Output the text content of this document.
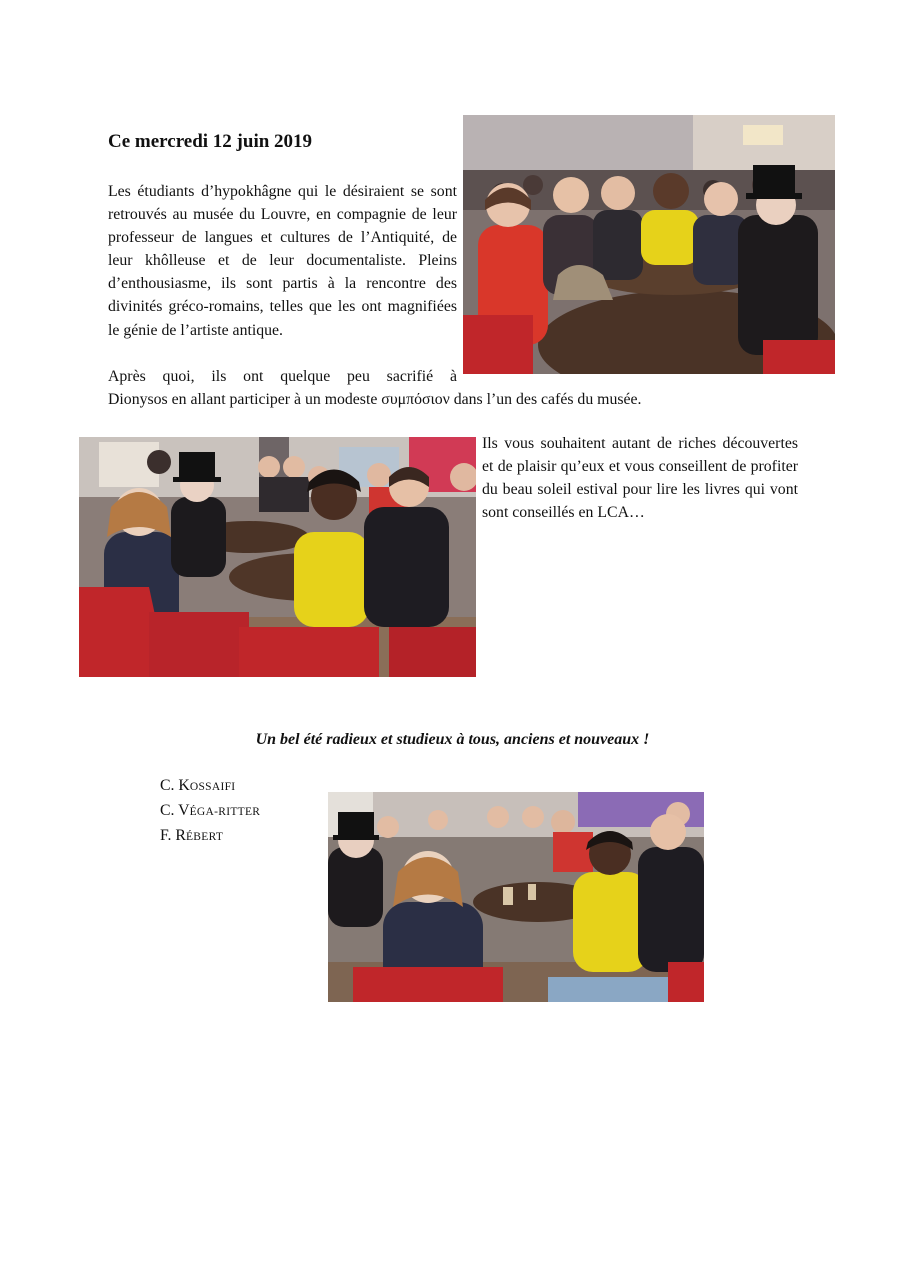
Ce mercredi 12 juin 2019

Les étudiants d’hypokhâgne qui le désiraient se sont retrouvés au musée du Louvre, en compagnie de leur professeur de langues et cultures de l’Antiquité, de leur khôlleuse et de leur documentaliste. Pleins d’enthousiasme, ils sont partis à la rencontre des divinités gréco-romains, telles que les ont magnifiées le génie de l’artiste antique.

Après quoi, ils ont quelque peu sacrifié à

Dionysos en allant participer à un modeste συμπόσιον dans l’un des cafés du musée.

Ils vous souhaitent autant de riches découvertes et de plaisir qu’eux et vous conseillent de profiter du beau soleil estival pour lire les livres qui vont sont conseillés en LCA…

Un bel été radieux et studieux à tous, anciens et nouveaux !

C. KOSSAIFI
C. VÉGA-RITTER
F. RÉBERT
